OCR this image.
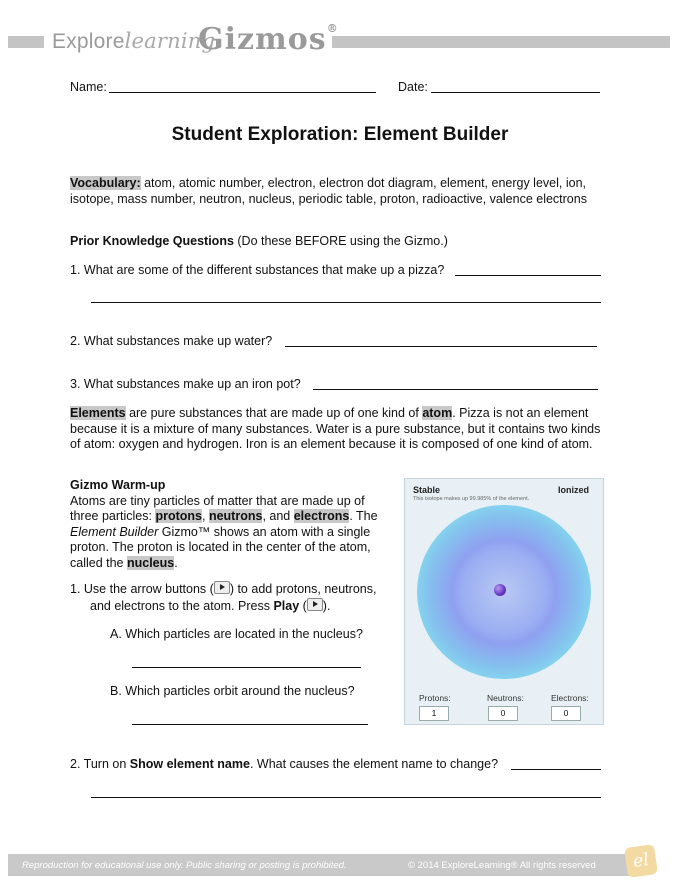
Explorelearning
Gizmos®
Name:	Date:
Student Exploration: Element Builder
Vocabulary: atom, atomic number, electron, electron dot diagram, element, energy level, ion,
isotope, mass number, neutron, nucleus, periodic table, proton, radioactive, valence electrons
Prior Knowledge Questions (Do these BEFORE using the Gizmo.)
1. What are some of the different substances that make up a pizza?
2. What substances make up water?
3. What substances make up an iron pot?
Elements are pure substances that are made up of one kind of atom. Pizza is not an element
because it is a mixture of many substances. Water is a pure substance, but it contains two kinds
of atom: oxygen and hydrogen. Iron is an element because it is composed of one kind of atom.
Gizmo Warm-up
Atoms are tiny particles of matter that are made up of
three particles: protons, neutrons, and electrons. The
Element Builder Gizmo™ shows an atom with a single
proton. The proton is located in the center of the atom,
called the nucleus.
1. Use the arrow buttons ( ) to add protons, neutrons,
and electrons to the atom. Press Play ( ).
A. Which particles are located in the nucleus?
B. Which particles orbit around the nucleus?
Stable	Ionized
This isotope makes up 99.985% of the element.
Protons:	Neutrons:	Electrons:
1	0	0
2. Turn on Show element name. What causes the element name to change?
Reproduction for educational use only. Public sharing or posting is prohibited.	© 2014 ExploreLearning® All rights reserved	el
